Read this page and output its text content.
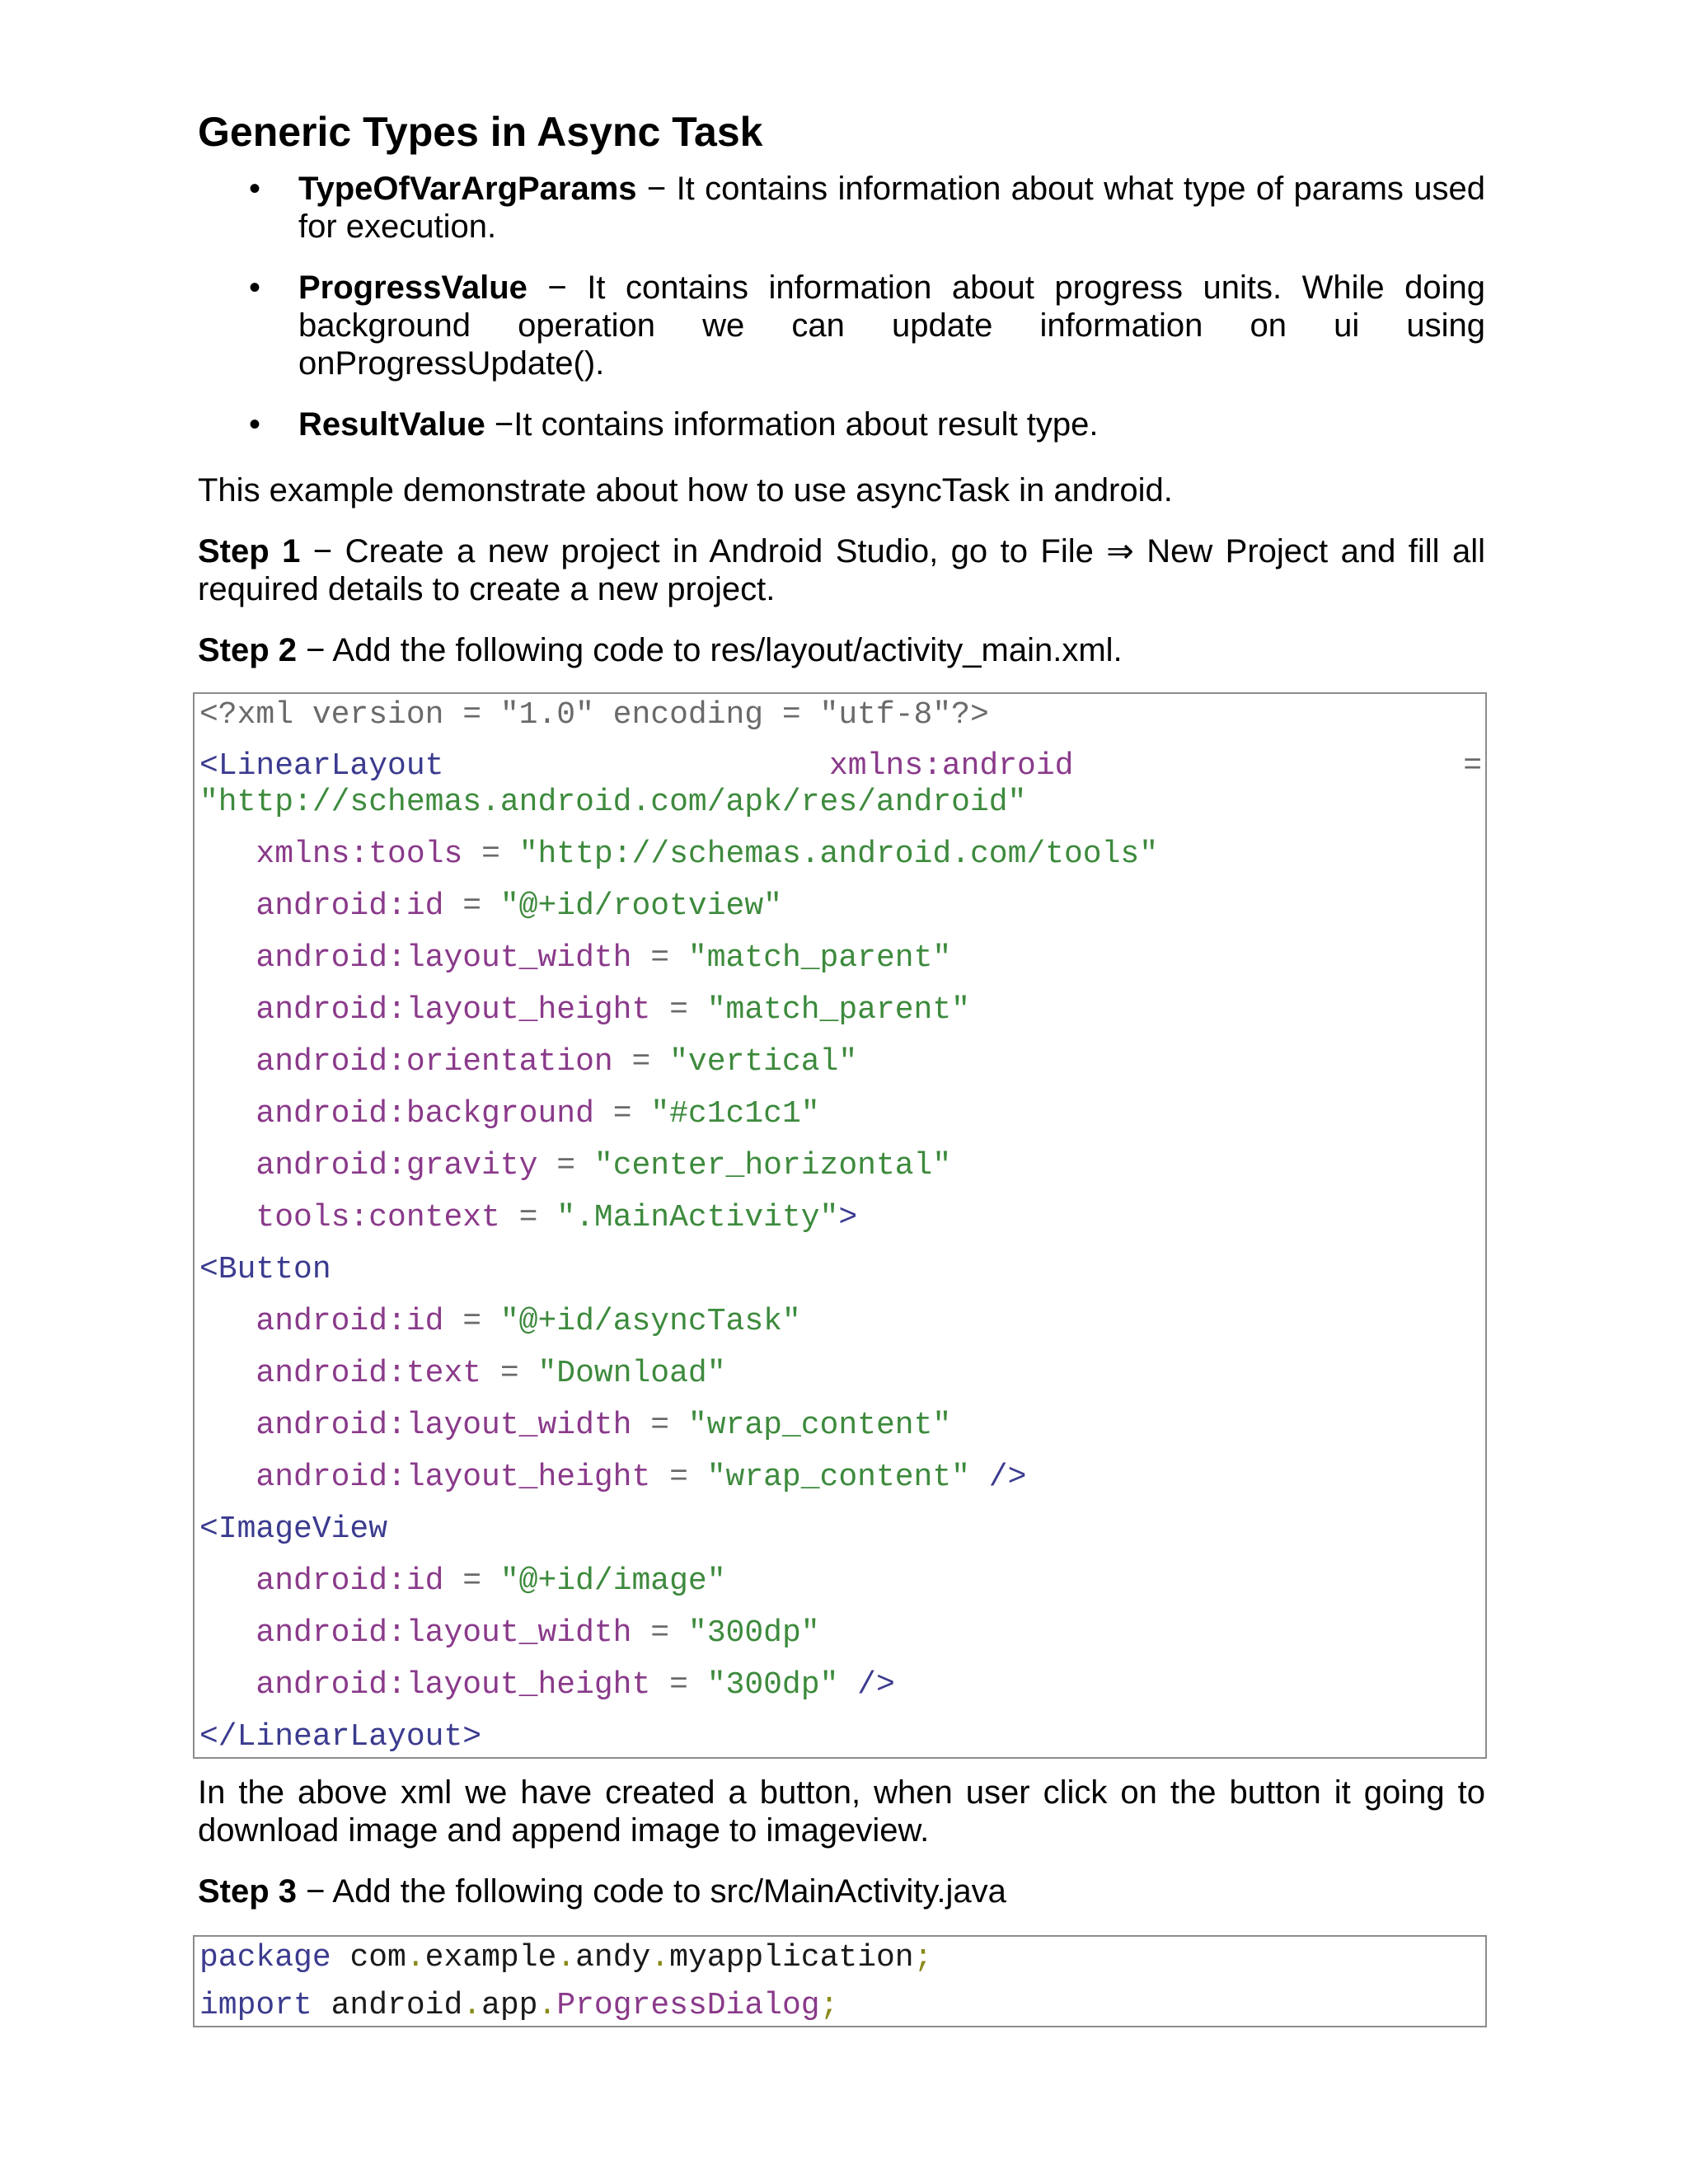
Generic Types in Async Task
• TypeOfVarArgParams − It contains information about what type of params used for execution.
• ProgressValue − It contains information about progress units. While doing background operation we can update information on ui using onProgressUpdate().
• ResultValue −It contains information about result type.
This example demonstrate about how to use asyncTask in android.
Step 1 − Create a new project in Android Studio, go to File ⇒ New Project and fill all required details to create a new project.
Step 2 − Add the following code to res/layout/activity_main.xml.
<?xml version = "1.0" encoding = "utf-8"?>
<LinearLayout	xmlns:android	=
"http://schemas.android.com/apk/res/android"
xmlns:tools = "http://schemas.android.com/tools"
android:id = "@+id/rootview"
android:layout_width = "match_parent"
android:layout_height = "match_parent"
android:orientation = "vertical"
android:background = "#c1c1c1"
android:gravity = "center_horizontal"
tools:context = ".MainActivity">
<Button
android:id = "@+id/asyncTask"
android:text = "Download"
android:layout_width = "wrap_content"
android:layout_height = "wrap_content" />
<ImageView
android:id = "@+id/image"
android:layout_width = "300dp"
android:layout_height = "300dp" />
</LinearLayout>
In the above xml we have created a button, when user click on the button it going to download image and append image to imageview.
Step 3 − Add the following code to src/MainActivity.java
package com.example.andy.myapplication;
import android.app.ProgressDialog;
